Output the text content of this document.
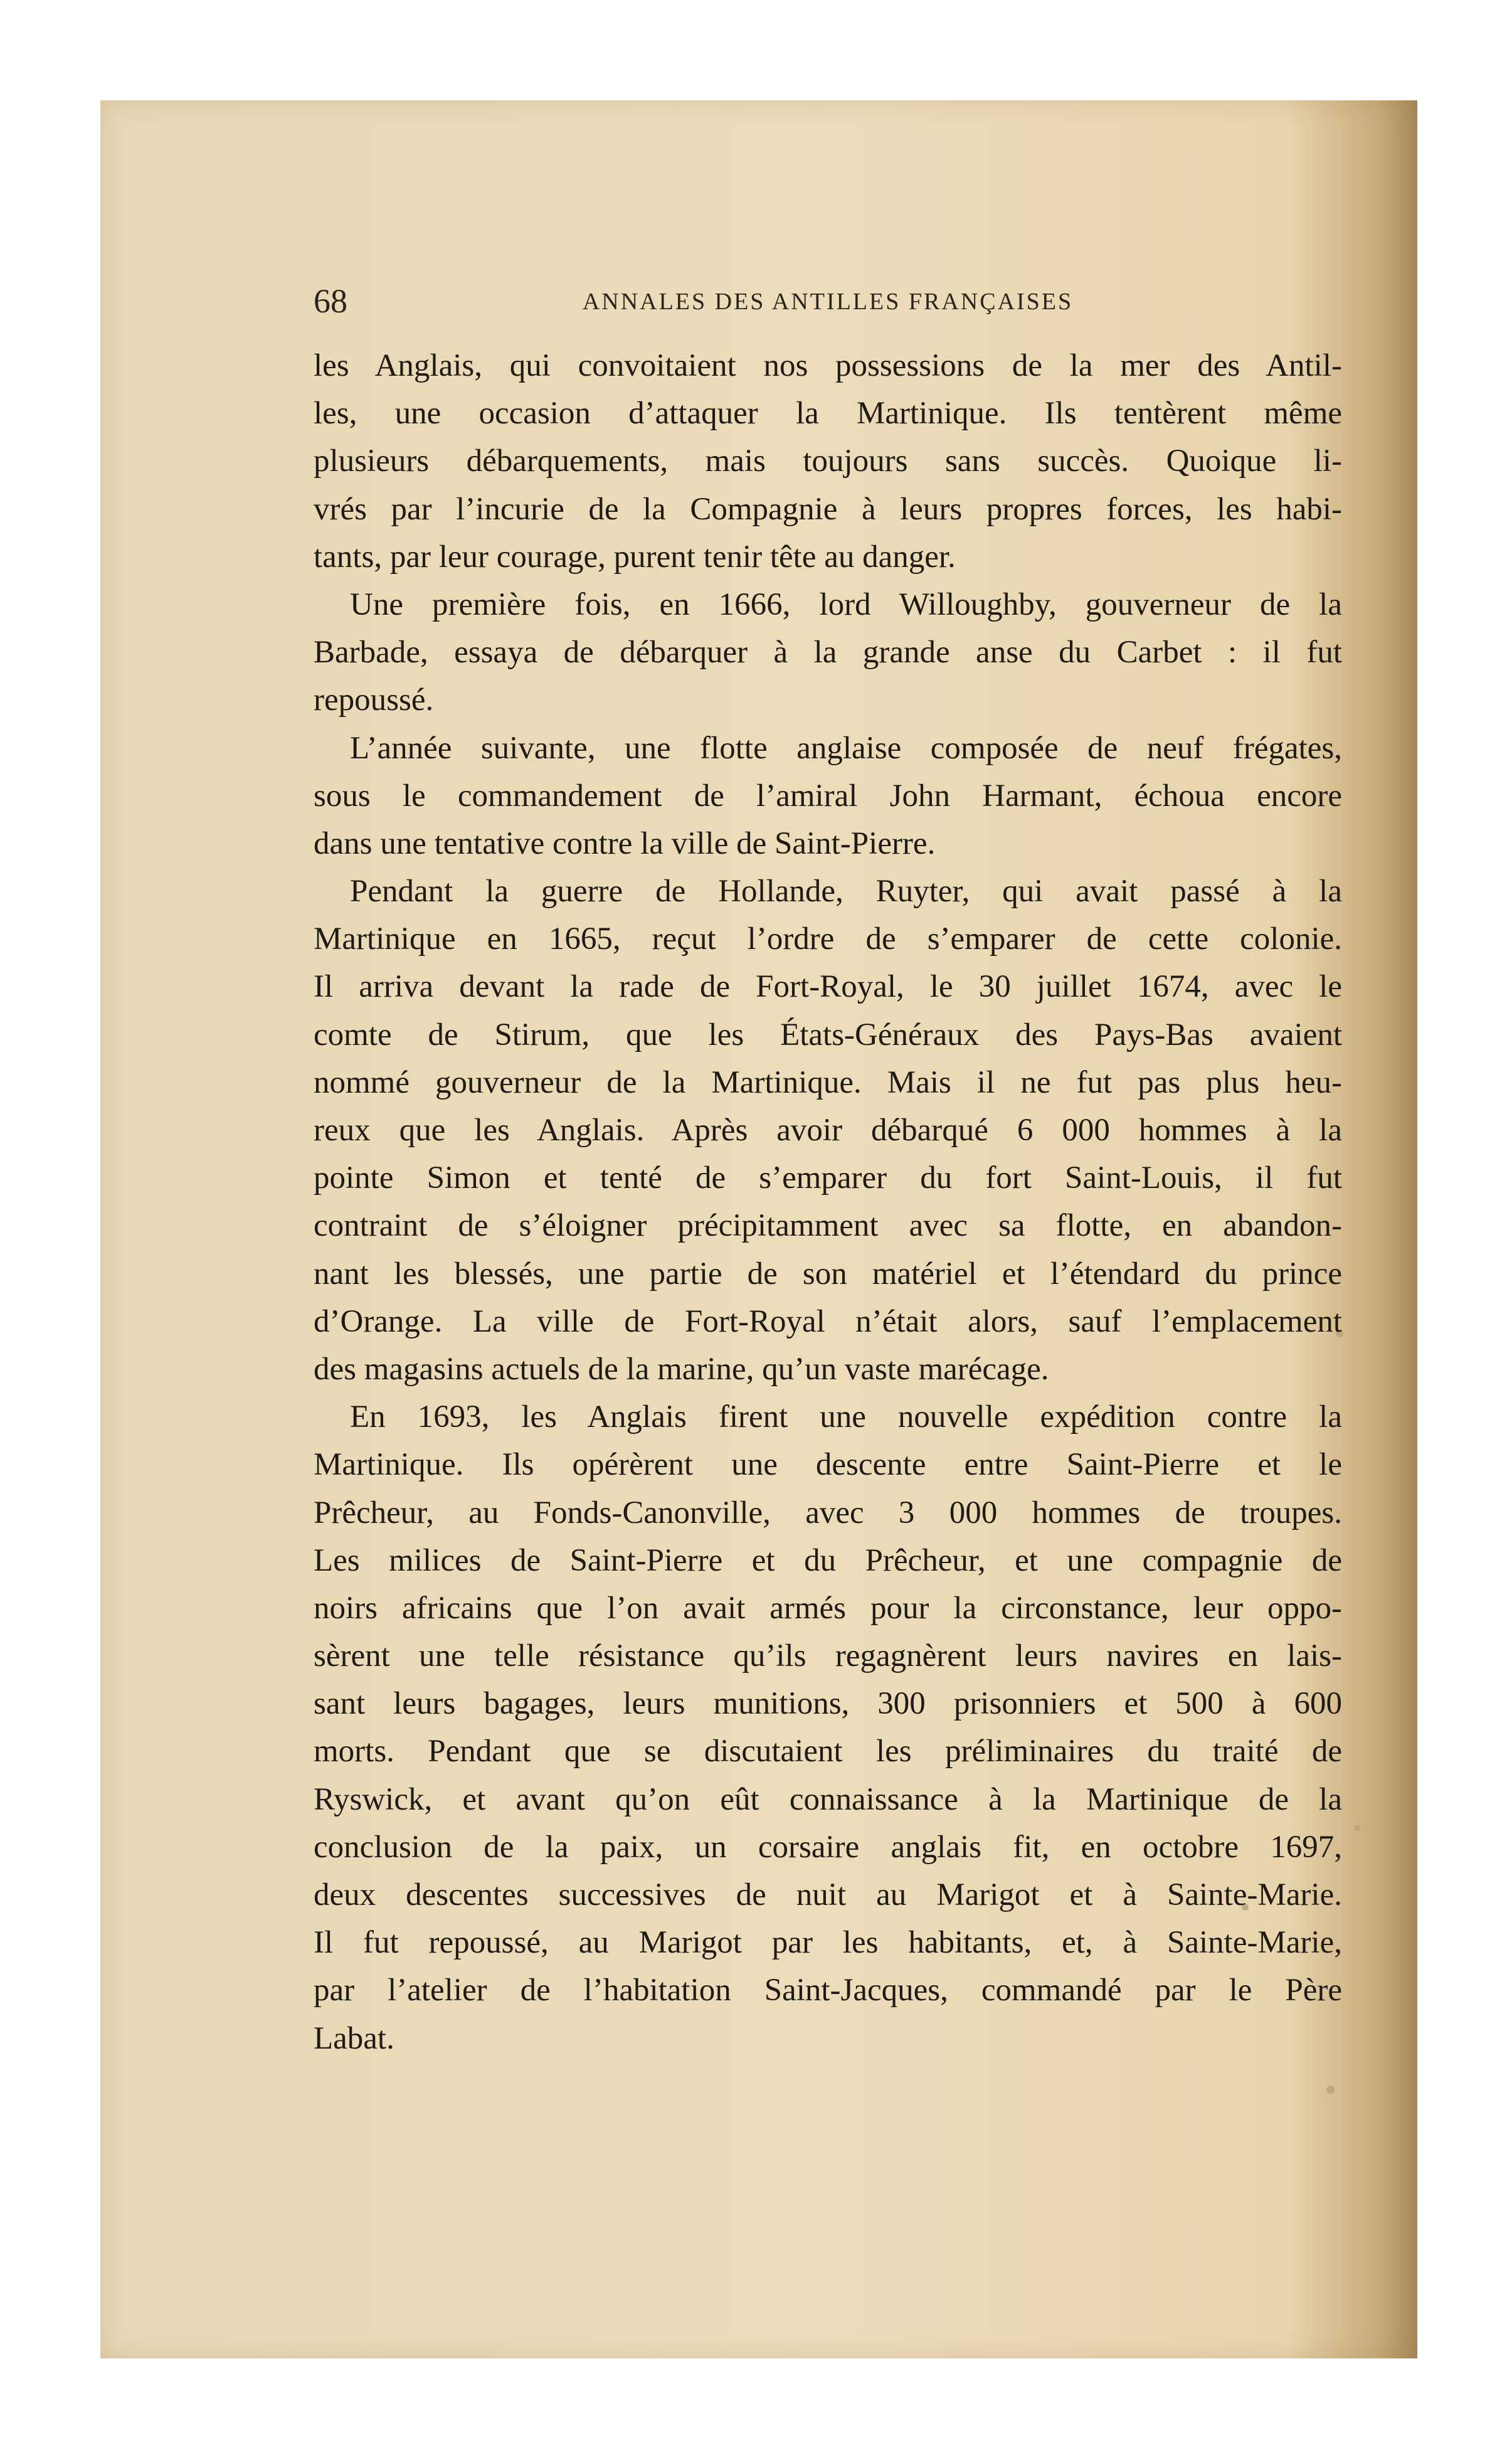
68	ANNALES DES ANTILLES FRANÇAISES
les Anglais, qui convoitaient nos possessions de la mer des Antil-
les, une occasion d’attaquer la Martinique. Ils tentèrent même
plusieurs débarquements, mais toujours sans succès. Quoique li-
vrés par l’incurie de la Compagnie à leurs propres forces, les habi-
tants, par leur courage, purent tenir tête au danger.
Une première fois, en 1666, lord Willoughby, gouverneur de la
Barbade, essaya de débarquer à la grande anse du Carbet : il fut
repoussé.
L’année suivante, une flotte anglaise composée de neuf frégates,
sous le commandement de l’amiral John Harmant, échoua encore
dans une tentative contre la ville de Saint-Pierre.
Pendant la guerre de Hollande, Ruyter, qui avait passé à la
Martinique en 1665, reçut l’ordre de s’emparer de cette colonie.
Il arriva devant la rade de Fort-Royal, le 30 juillet 1674, avec le
comte de Stirum, que les États-Généraux des Pays-Bas avaient
nommé gouverneur de la Martinique. Mais il ne fut pas plus heu-
reux que les Anglais. Après avoir débarqué 6 000 hommes à la
pointe Simon et tenté de s’emparer du fort Saint-Louis, il fut
contraint de s’éloigner précipitamment avec sa flotte, en abandon-
nant les blessés, une partie de son matériel et l’étendard du prince
d’Orange. La ville de Fort-Royal n’était alors, sauf l’emplacement
des magasins actuels de la marine, qu’un vaste marécage.
En 1693, les Anglais firent une nouvelle expédition contre la
Martinique. Ils opérèrent une descente entre Saint-Pierre et le
Prêcheur, au Fonds-Canonville, avec 3 000 hommes de troupes.
Les milices de Saint-Pierre et du Prêcheur, et une compagnie de
noirs africains que l’on avait armés pour la circonstance, leur oppo-
sèrent une telle résistance qu’ils regagnèrent leurs navires en lais-
sant leurs bagages, leurs munitions, 300 prisonniers et 500 à 600
morts. Pendant que se discutaient les préliminaires du traité de
Ryswick, et avant qu’on eût connaissance à la Martinique de la
conclusion de la paix, un corsaire anglais fit, en octobre 1697,
deux descentes successives de nuit au Marigot et à Sainte-Marie.
Il fut repoussé, au Marigot par les habitants, et, à Sainte-Marie,
par l’atelier de l’habitation Saint-Jacques, commandé par le Père
Labat.
